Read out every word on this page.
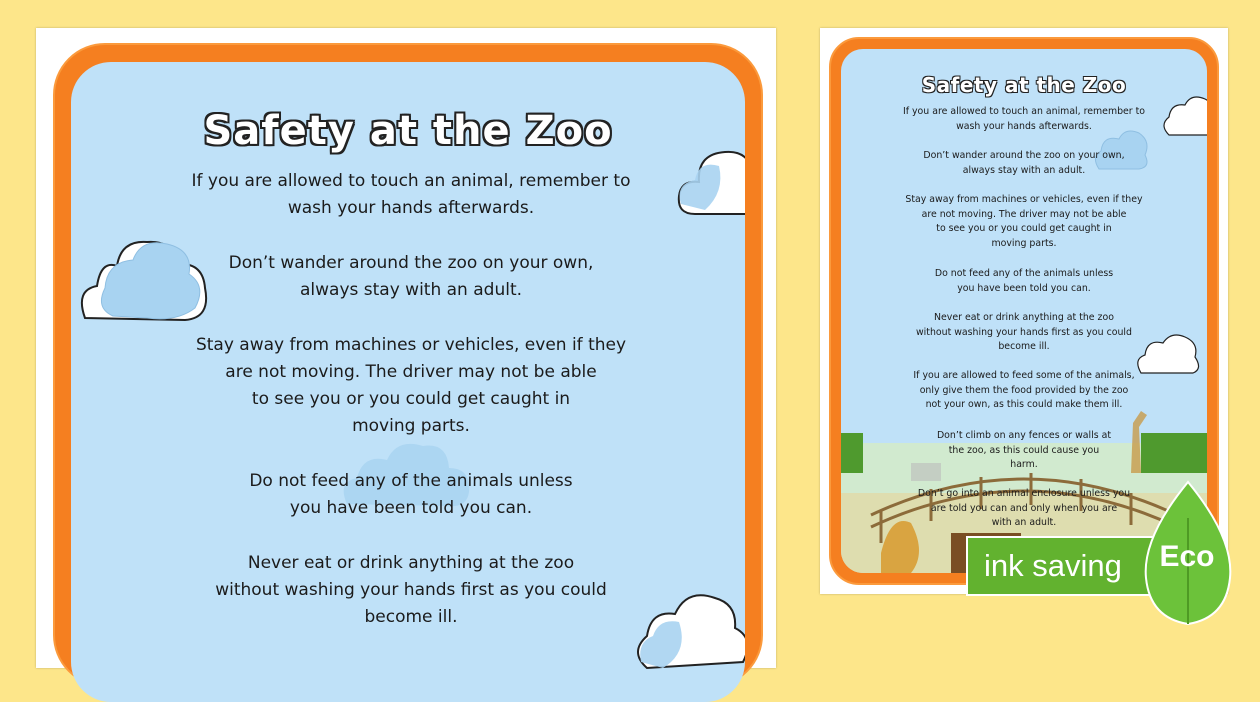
Safety at the Zoo

If you are allowed to touch an animal, remember to
wash your hands afterwards.

Don’t wander around the zoo on your own,
always stay with an adult.

Stay away from machines or vehicles, even if they
are not moving. The driver may not be able
to see you or you could get caught in
moving parts.

Do not feed any of the animals unless
you have been told you can.

Never eat or drink anything at the zoo
without washing your hands first as you could
become ill.

Safety at the Zoo

If you are allowed to touch an animal, remember to
wash your hands afterwards.

Don’t wander around the zoo on your own,
always stay with an adult.

Stay away from machines or vehicles, even if they
are not moving. The driver may not be able
to see you or you could get caught in
moving parts.

Do not feed any of the animals unless
you have been told you can.

Never eat or drink anything at the zoo
without washing your hands first as you could
become ill.

If you are allowed to feed some of the animals,
only give them the food provided by the zoo
not your own, as this could make them ill.

Don’t climb on any fences or walls at
the zoo, as this could cause you
harm.

Don’t go into an animal enclosure unless you
are told you can and only when you are
with an adult.

ink saving	Eco
